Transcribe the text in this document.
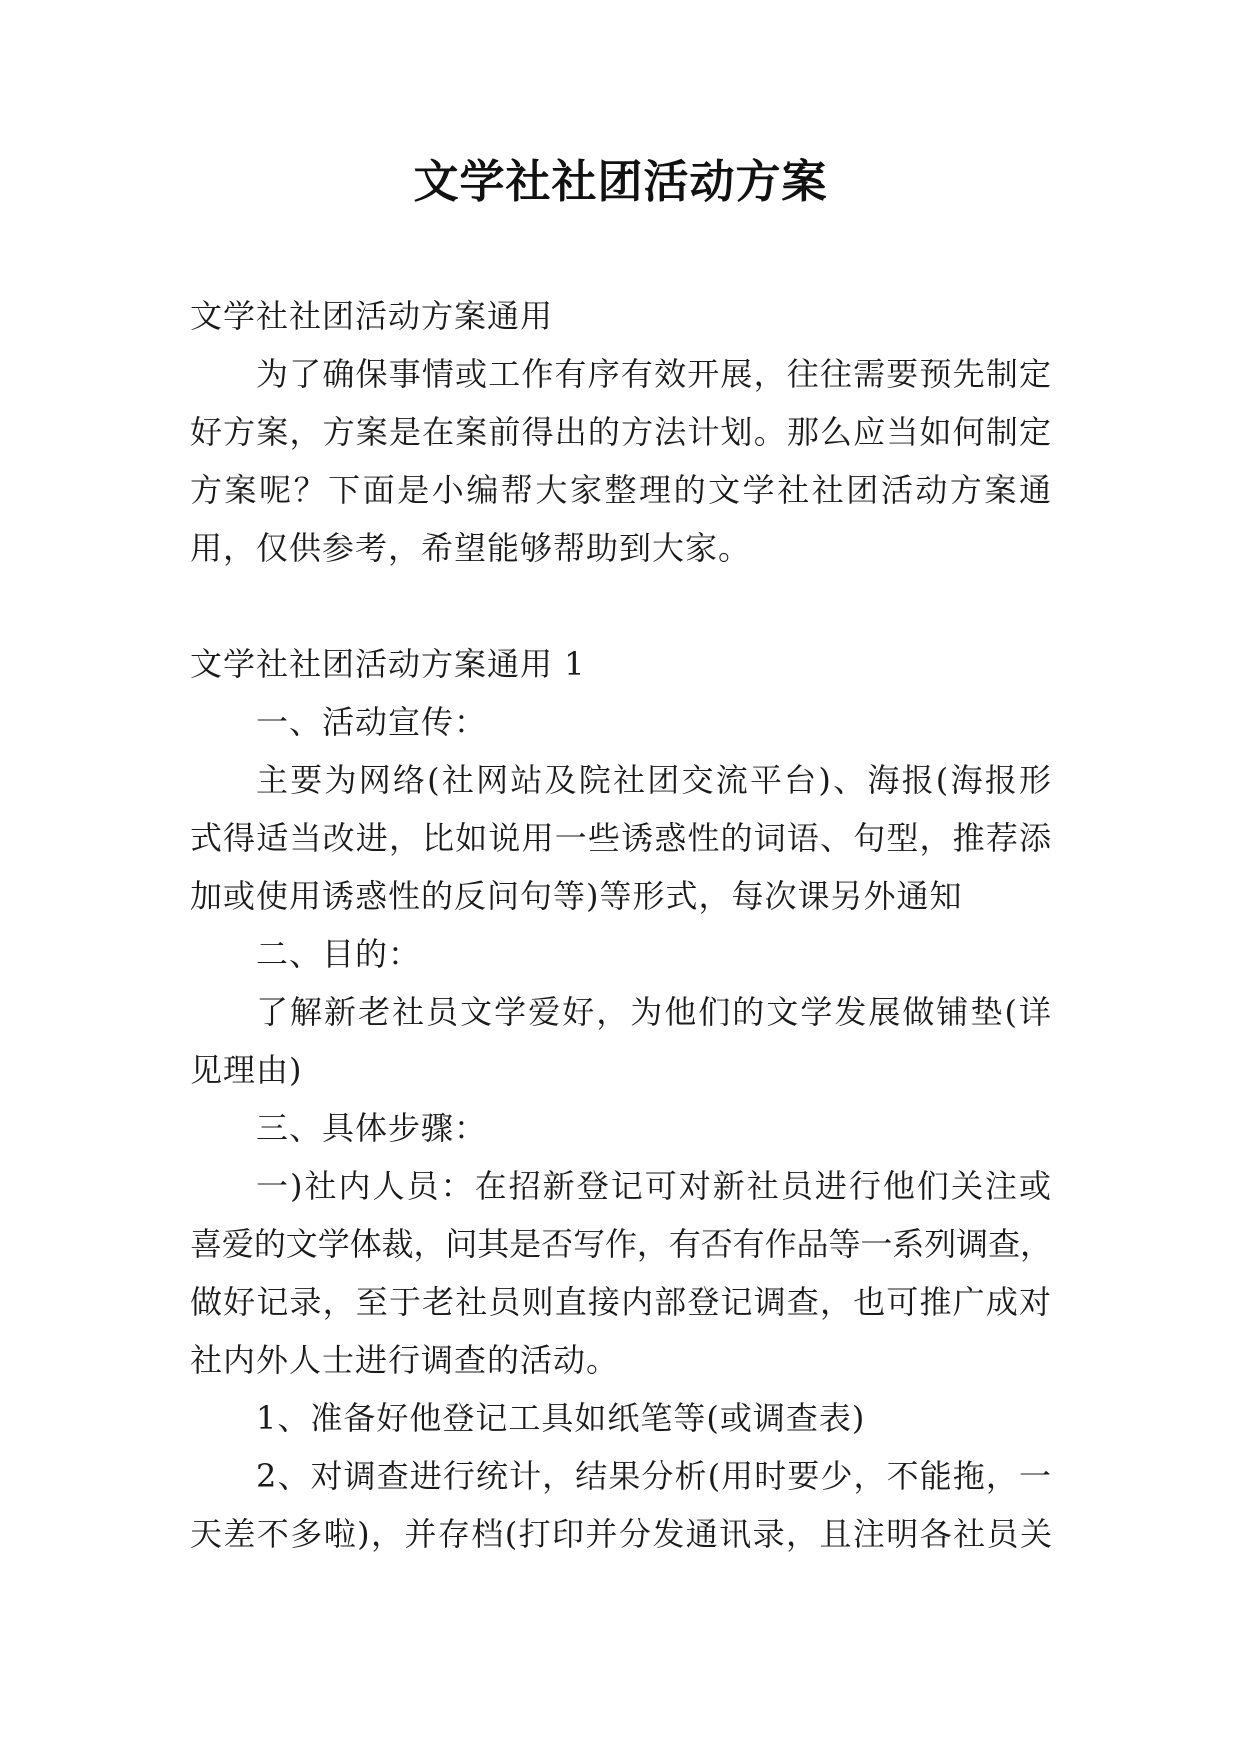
文学社社团活动方案
文学社社团活动方案通用
为了确保事情或工作有序有效开展，往往需要预先制定
好方案，方案是在案前得出的方法计划。那么应当如何制定
方案呢？下面是小编帮大家整理的文学社社团活动方案通
用，仅供参考，希望能够帮助到大家。
文学社社团活动方案通用 1
一、活动宣传：
主要为网络(社网站及院社团交流平台)、海报(海报形
式得适当改进，比如说用一些诱惑性的词语、句型，推荐添
加或使用诱惑性的反问句等)等形式，每次课另外通知
二、目的：
了解新老社员文学爱好，为他们的文学发展做铺垫(详
见理由)
三、具体步骤：
一)社内人员：在招新登记可对新社员进行他们关注或
喜爱的文学体裁，问其是否写作，有否有作品等一系列调查，
做好记录，至于老社员则直接内部登记调查，也可推广成对
社内外人士进行调查的活动。
1、准备好他登记工具如纸笔等(或调查表)
2、对调查进行统计，结果分析(用时要少，不能拖，一
天差不多啦)，并存档(打印并分发通讯录，且注明各社员关
